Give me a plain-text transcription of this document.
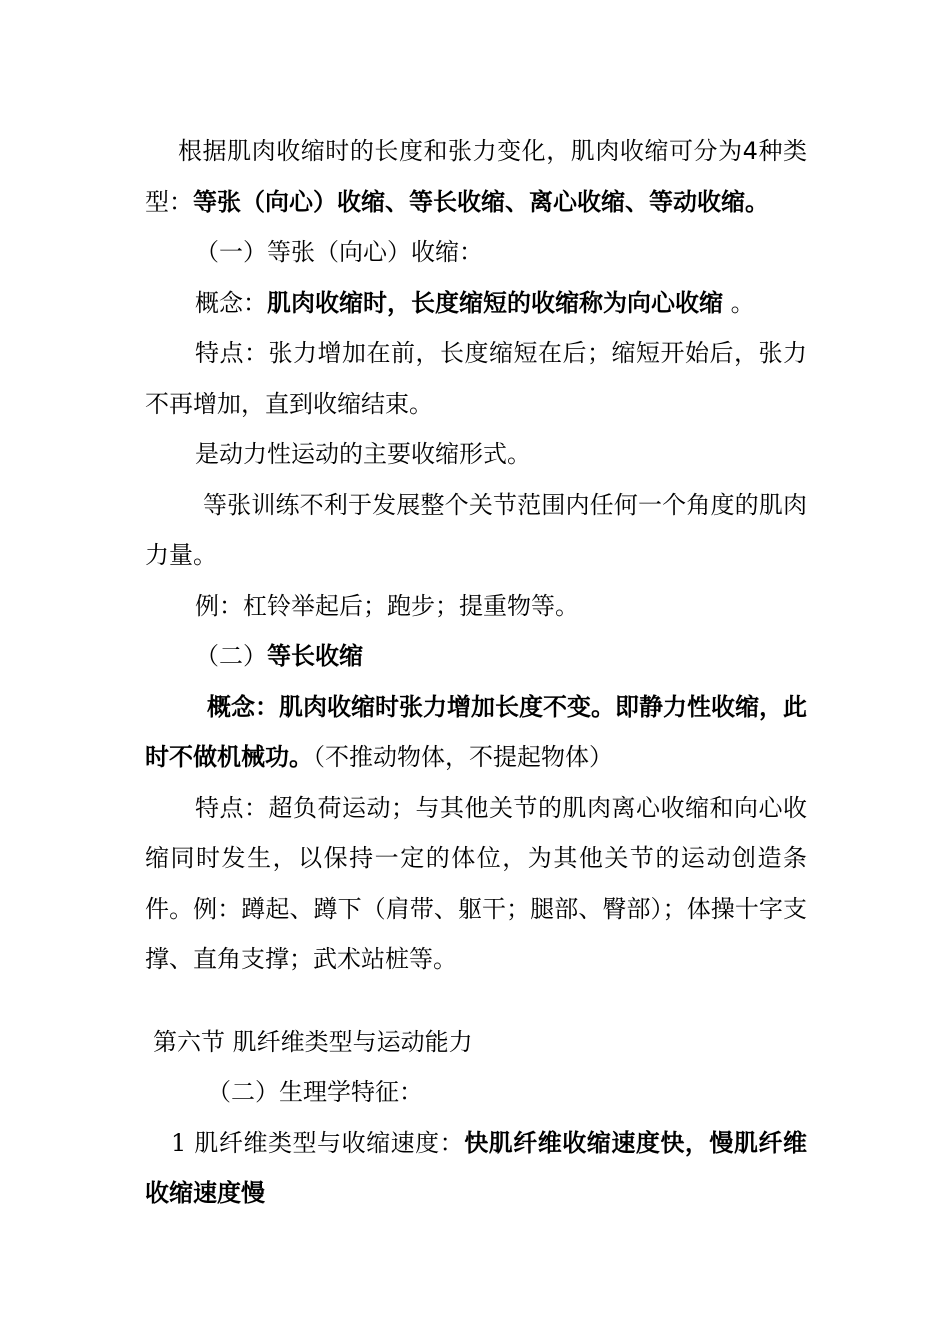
根据肌肉收缩时的长度和张力变化，肌肉收缩可分为4种类型：等张（向心）收缩、等长收缩、离心收缩、等动收缩。

（一）等张（向心）收缩：

概念：肌肉收缩时，长度缩短的收缩称为向心收缩 。

特点：张力增加在前，长度缩短在后；缩短开始后，张力不再增加，直到收缩结束。

是动力性运动的主要收缩形式。

等张训练不利于发展整个关节范围内任何一个角度的肌肉力量。

例：杠铃举起后；跑步；提重物等。

（二）等长收缩

概念：肌肉收缩时张力增加长度不变。即静力性收缩，此时不做机械功。（不推动物体，不提起物体）

特点：超负荷运动；与其他关节的肌肉离心收缩和向心收缩同时发生，以保持一定的体位，为其他关节的运动创造条件。例：蹲起、蹲下（肩带、躯干；腿部、臀部）；体操十字支撑、直角支撑；武术站桩等。

第六节 肌纤维类型与运动能力

（二）生理学特征：

1 肌纤维类型与收缩速度：快肌纤维收缩速度快，慢肌纤维收缩速度慢
